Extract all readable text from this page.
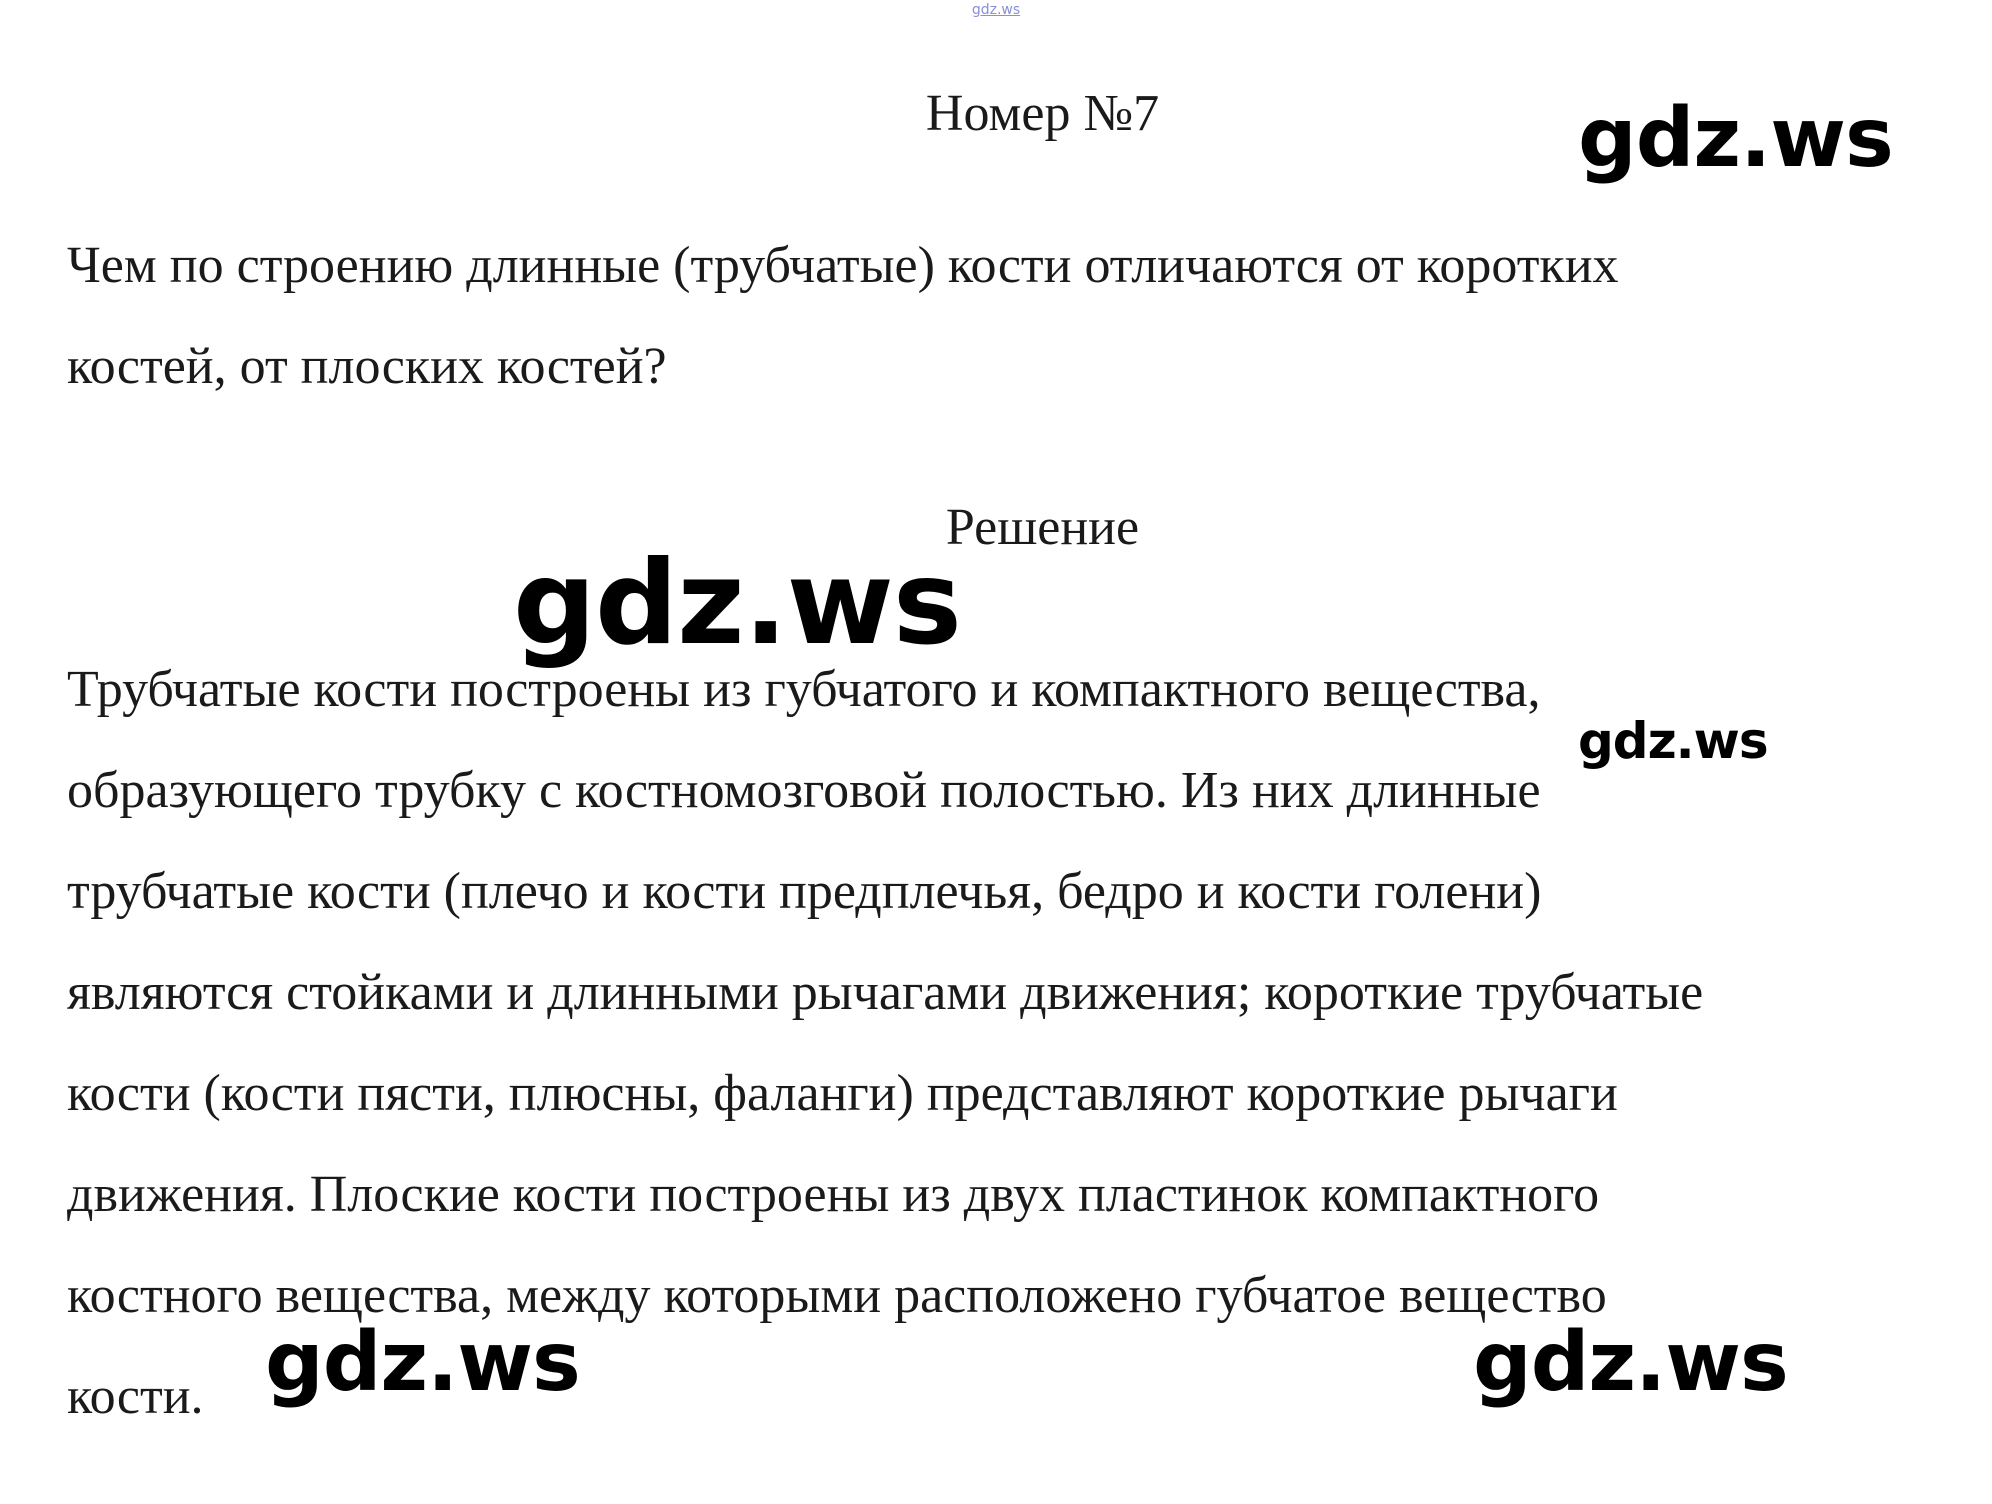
gdz.ws
Номер №7

Чем по строению длинные (трубчатые) кости отличаются от коротких
костей, от плоских костей?

Решение

Трубчатые кости построены из губчатого и компактного вещества,
образующего трубку с костномозговой полостью. Из них длинные
трубчатые кости (плечо и кости предплечья, бедро и кости голени)
являются стойками и длинными рычагами движения; короткие трубчатые
кости (кости пясти, плюсны, фаланги) представляют короткие рычаги
движения. Плоские кости построены из двух пластинок компактного
костного вещества, между которыми расположено губчатое вещество
кости.

gdz.ws
gdz.ws
gdz.ws
gdz.ws	gdz.ws
